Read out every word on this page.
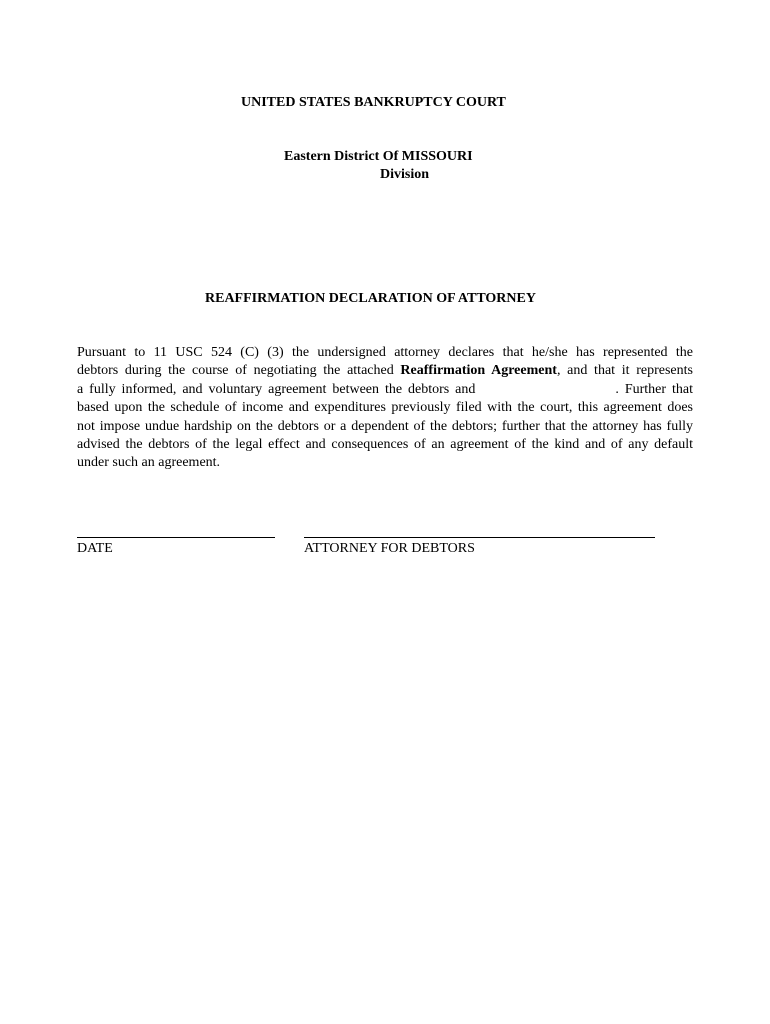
UNITED STATES BANKRUPTCY COURT
Eastern District Of MISSOURI
Division
REAFFIRMATION DECLARATION OF ATTORNEY
Pursuant to 11 USC 524 (C) (3) the undersigned attorney declares that he/she has represented the
debtors during the course of negotiating the attached Reaffirmation Agreement, and that it represents
a fully informed, and voluntary agreement between the debtors and	. Further that
based upon the schedule of income and expenditures previously filed with the court, this agreement does
not impose undue hardship on the debtors or a dependent of the debtors; further that the attorney has fully
advised the debtors of the legal effect and consequences of an agreement of the kind and of any default
under such an agreement.
DATE	ATTORNEY FOR DEBTORS
